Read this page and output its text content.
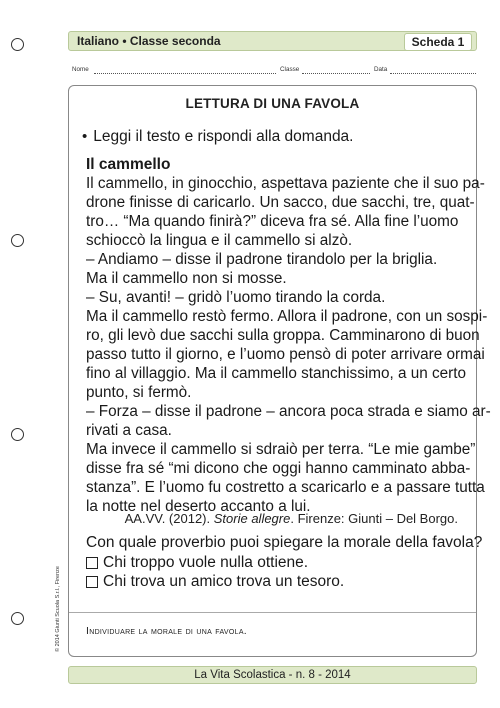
Italiano • Classe seconda	Scheda 1
Nome	Classe	Data
LETTURA DI UNA FAVOLA
• Leggi il testo e rispondi alla domanda.
Il cammello
Il cammello, in ginocchio, aspettava paziente che il suo pa-
drone finisse di caricarlo. Un sacco, due sacchi, tre, quat-
tro… “Ma quando finirà?” diceva fra sé. Alla fine l’uomo
schioccò la lingua e il cammello si alzò.
– Andiamo – disse il padrone tirandolo per la briglia.
Ma il cammello non si mosse.
– Su, avanti! – gridò l’uomo tirando la corda.
Ma il cammello restò fermo. Allora il padrone, con un sospi-
ro, gli levò due sacchi sulla groppa. Camminarono di buon
passo tutto il giorno, e l’uomo pensò di poter arrivare ormai
fino al villaggio. Ma il cammello stanchissimo, a un certo
punto, si fermò.
– Forza – disse il padrone – ancora poca strada e siamo ar-
rivati a casa.
Ma invece il cammello si sdraiò per terra. “Le mie gambe”
disse fra sé “mi dicono che oggi hanno camminato abba-
stanza”. E l’uomo fu costretto a scaricarlo e a passare tutta
la notte nel deserto accanto a lui.
AA.VV. (2012). Storie allegre. Firenze: Giunti – Del Borgo.
Con quale proverbio puoi spiegare la morale della favola?
Chi troppo vuole nulla ottiene.
Chi trova un amico trova un tesoro.
Individuare la morale di una favola.
© 2014 Giunti Scuola S.r.l., Firenze
La Vita Scolastica - n. 8 - 2014
